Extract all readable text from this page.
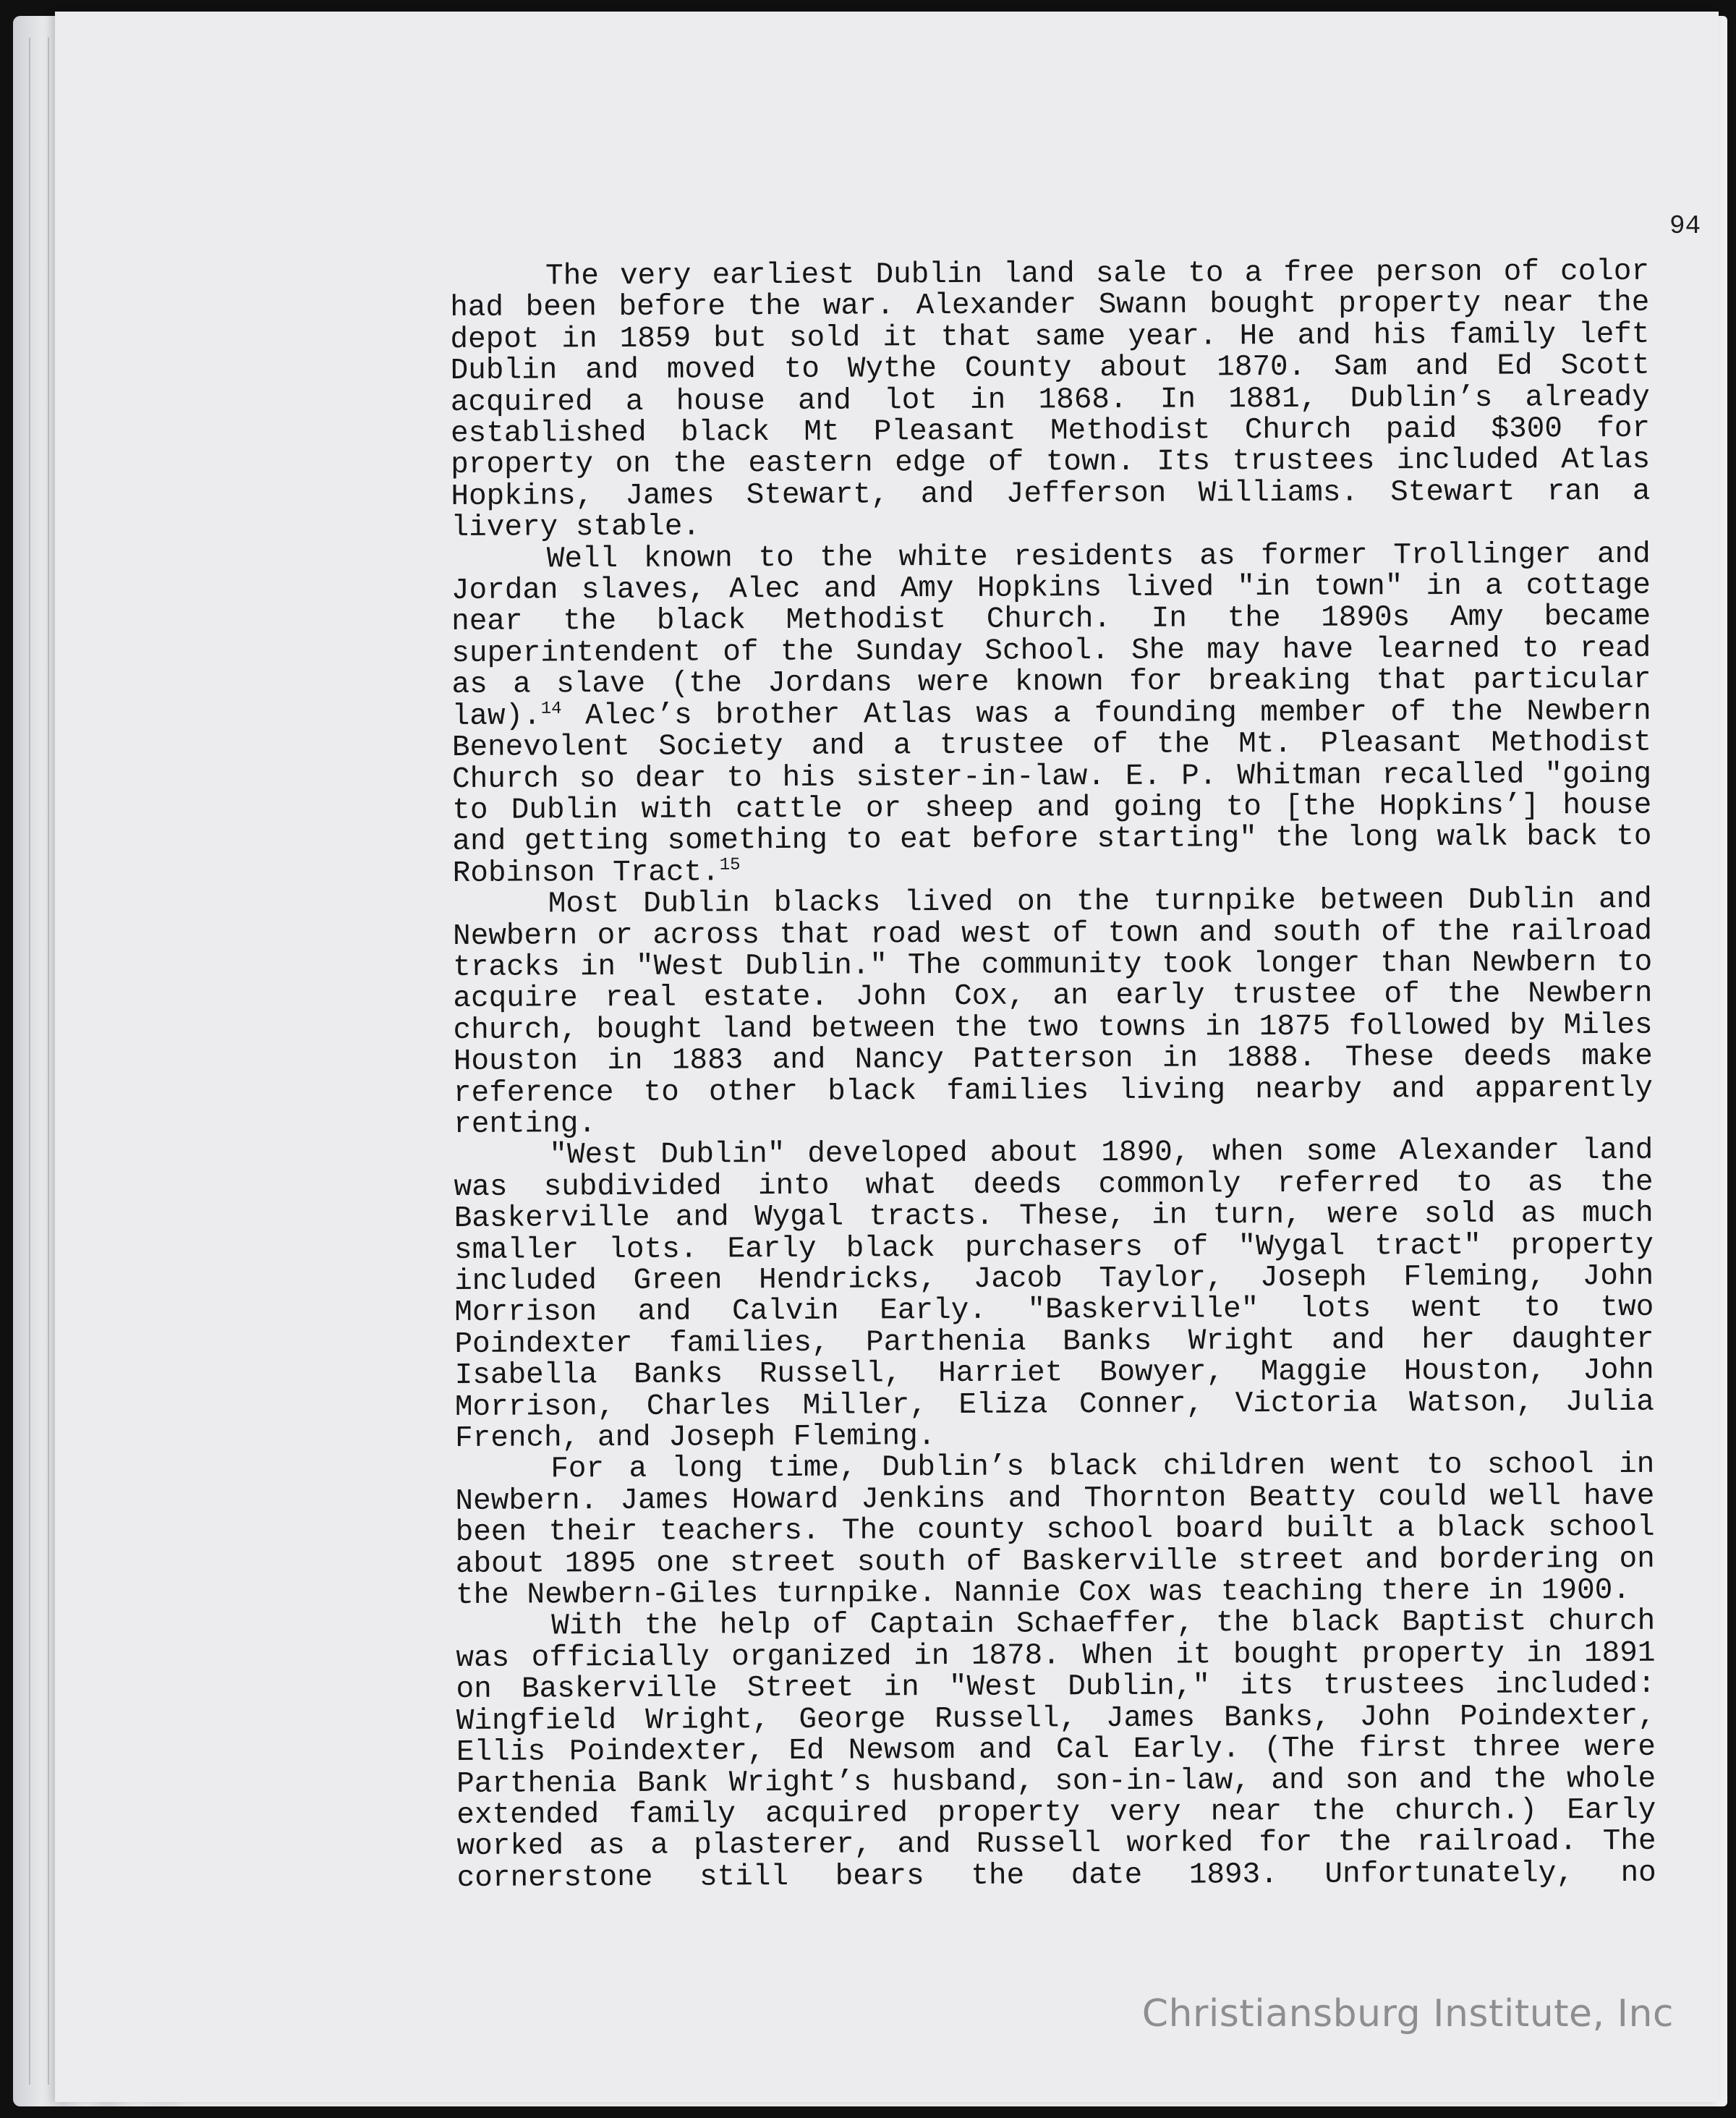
94

The very earliest Dublin land sale to a free person of color had been before the war. Alexander Swann bought property near the depot in 1859 but sold it that same year. He and his family left Dublin and moved to Wythe County about 1870. Sam and Ed Scott acquired a house and lot in 1868. In 1881, Dublin’s already established black Mt Pleasant Methodist Church paid $300 for property on the eastern edge of town. Its trustees included Atlas Hopkins, James Stewart, and Jefferson Williams. Stewart ran a livery stable.

Well known to the white residents as former Trollinger and Jordan slaves, Alec and Amy Hopkins lived "in town" in a cottage near the black Methodist Church. In the 1890s Amy became superintendent of the Sunday School. She may have learned to read as a slave (the Jordans were known for breaking that particular law).$^{14}$ Alec’s brother Atlas was a founding member of the Newbern Benevolent Society and a trustee of the Mt. Pleasant Methodist Church so dear to his sister-in-law. E. P. Whitman recalled "going to Dublin with cattle or sheep and going to [the Hopkins’] house and getting something to eat before starting" the long walk back to Robinson Tract.$^{15}$

Most Dublin blacks lived on the turnpike between Dublin and Newbern or across that road west of town and south of the railroad tracks in "West Dublin." The community took longer than Newbern to acquire real estate. John Cox, an early trustee of the Newbern church, bought land between the two towns in 1875 followed by Miles Houston in 1883 and Nancy Patterson in 1888. These deeds make reference to other black families living nearby and apparently renting.

"West Dublin" developed about 1890, when some Alexander land was subdivided into what deeds commonly referred to as the Baskerville and Wygal tracts. These, in turn, were sold as much smaller lots. Early black purchasers of "Wygal tract" property included Green Hendricks, Jacob Taylor, Joseph Fleming, John Morrison and Calvin Early. "Baskerville" lots went to two Poindexter families, Parthenia Banks Wright and her daughter Isabella Banks Russell, Harriet Bowyer, Maggie Houston, John Morrison, Charles Miller, Eliza Conner, Victoria Watson, Julia French, and Joseph Fleming.

For a long time, Dublin’s black children went to school in Newbern. James Howard Jenkins and Thornton Beatty could well have been their teachers. The county school board built a black school about 1895 one street south of Baskerville street and bordering on the Newbern-Giles turnpike. Nannie Cox was teaching there in 1900.

With the help of Captain Schaeffer, the black Baptist church was officially organized in 1878. When it bought property in 1891 on Baskerville Street in "West Dublin," its trustees included: Wingfield Wright, George Russell, James Banks, John Poindexter, Ellis Poindexter, Ed Newsom and Cal Early. (The first three were Parthenia Bank Wright’s husband, son-in-law, and son and the whole extended family acquired property very near the church.) Early worked as a plasterer, and Russell worked for the railroad. The cornerstone still bears the date 1893. Unfortunately, no

Christiansburg Institute, Inc
